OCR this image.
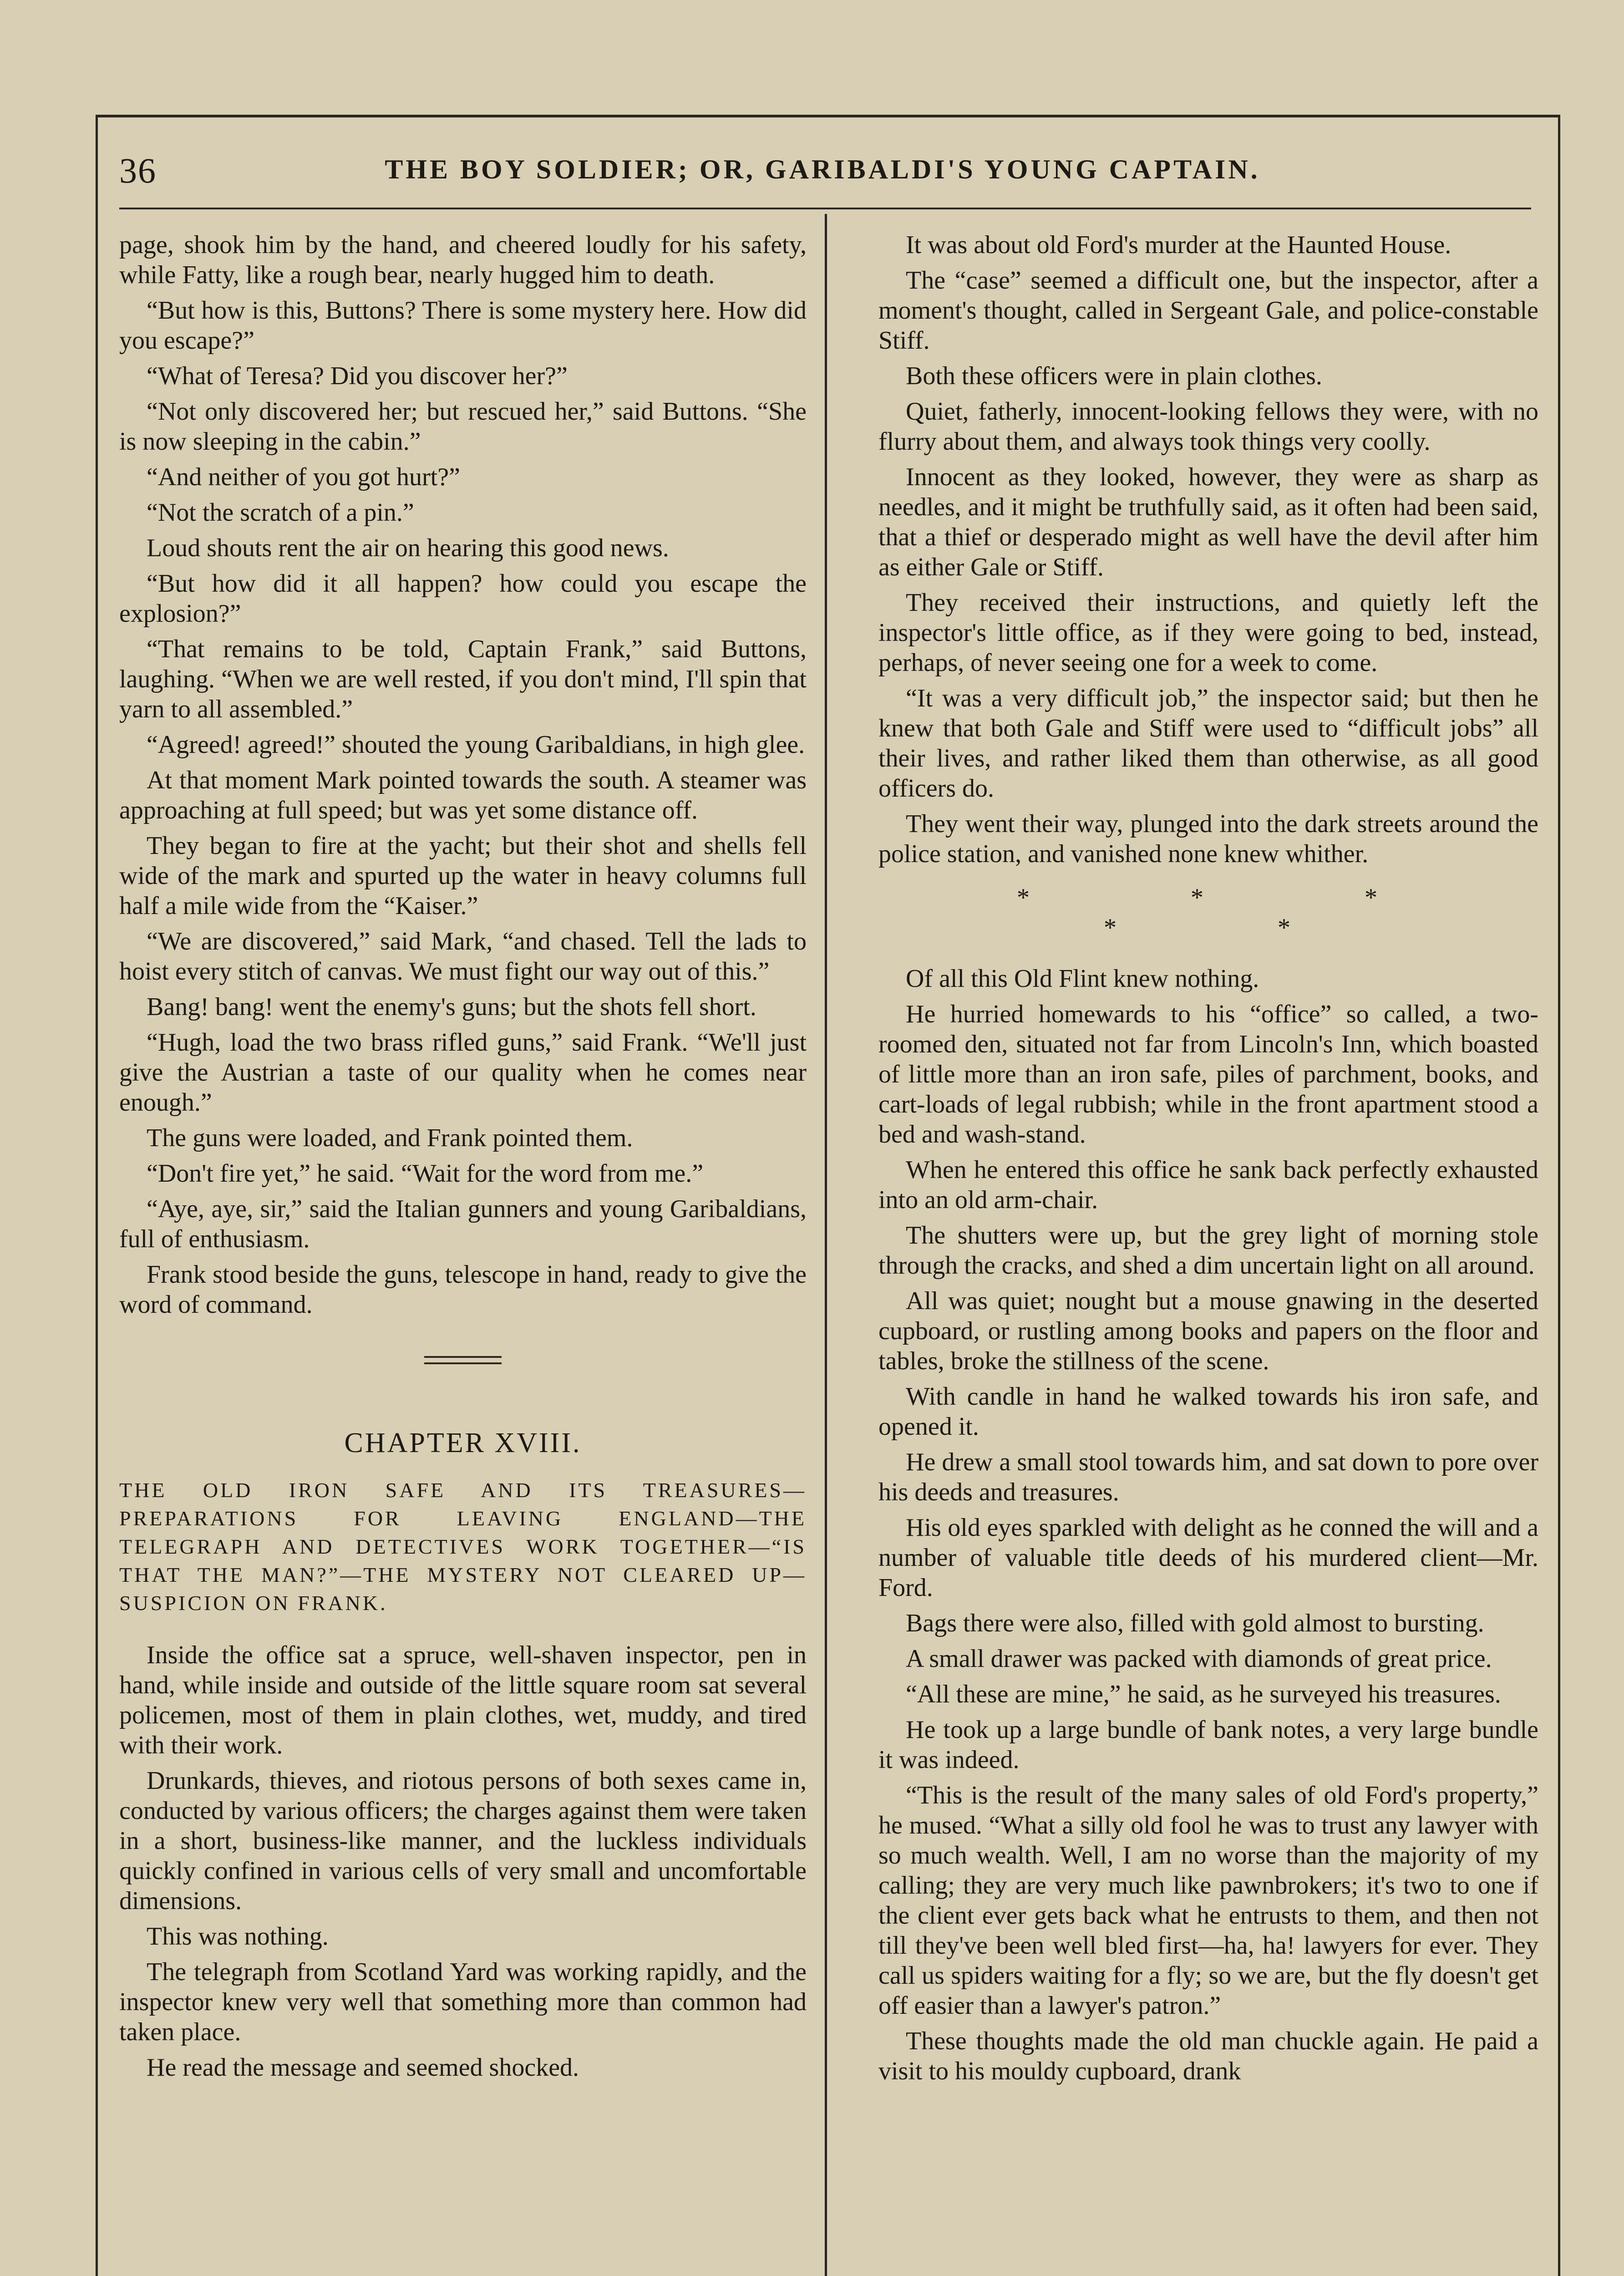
36	THE BOY SOLDIER; OR, GARIBALDI'S YOUNG CAPTAIN.

page, shook him by the hand, and cheered loudly for his safety, while Fatty, like a rough bear, nearly hugged him to death.

“But how is this, Buttons? There is some mystery here. How did you escape?”

“What of Teresa? Did you discover her?”

“Not only discovered her; but rescued her,” said Buttons. “She is now sleeping in the cabin.”

“And neither of you got hurt?”

“Not the scratch of a pin.”

Loud shouts rent the air on hearing this good news.

“But how did it all happen? how could you escape the explosion?”

“That remains to be told, Captain Frank,” said Buttons, laughing. “When we are well rested, if you don't mind, I'll spin that yarn to all assembled.”

“Agreed! agreed!” shouted the young Garibaldians, in high glee.

At that moment Mark pointed towards the south. A steamer was approaching at full speed; but was yet some distance off.

They began to fire at the yacht; but their shot and shells fell wide of the mark and spurted up the water in heavy columns full half a mile wide from the “Kaiser.”

“We are discovered,” said Mark, “and chased. Tell the lads to hoist every stitch of canvas. We must fight our way out of this.”

Bang! bang! went the enemy's guns; but the shots fell short.

“Hugh, load the two brass rifled guns,” said Frank. “We'll just give the Austrian a taste of our quality when he comes near enough.”

The guns were loaded, and Frank pointed them.

“Don't fire yet,” he said. “Wait for the word from me.”

“Aye, aye, sir,” said the Italian gunners and young Garibaldians, full of enthusiasm.

Frank stood beside the guns, telescope in hand, ready to give the word of command.

CHAPTER XVIII.
THE OLD IRON SAFE AND ITS TREASURES—PREPARATIONS FOR LEAVING ENGLAND—THE TELEGRAPH AND DETECTIVES WORK TOGETHER—“IS THAT THE MAN?”—THE MYSTERY NOT CLEARED UP—SUSPICION ON FRANK.

Inside the office sat a spruce, well-shaven inspector, pen in hand, while inside and outside of the little square room sat several policemen, most of them in plain clothes, wet, muddy, and tired with their work.

Drunkards, thieves, and riotous persons of both sexes came in, conducted by various officers; the charges against them were taken in a short, business-like manner, and the luckless individuals quickly confined in various cells of very small and uncomfortable dimensions.

This was nothing.

The telegraph from Scotland Yard was working rapidly, and the inspector knew very well that something more than common had taken place.

He read the message and seemed shocked.

It was about old Ford's murder at the Haunted House.

The “case” seemed a difficult one, but the inspector, after a moment's thought, called in Sergeant Gale, and police-constable Stiff.

Both these officers were in plain clothes.

Quiet, fatherly, innocent-looking fellows they were, with no flurry about them, and always took things very coolly.

Innocent as they looked, however, they were as sharp as needles, and it might be truthfully said, as it often had been said, that a thief or desperado might as well have the devil after him as either Gale or Stiff.

They received their instructions, and quietly left the inspector's little office, as if they were going to bed, instead, perhaps, of never seeing one for a week to come.

“It was a very difficult job,” the inspector said; but then he knew that both Gale and Stiff were used to “difficult jobs” all their lives, and rather liked them than otherwise, as all good officers do.

They went their way, plunged into the dark streets around the police station, and vanished none knew whither.

* * * * *

Of all this Old Flint knew nothing.

He hurried homewards to his “office” so called, a two-roomed den, situated not far from Lincoln's Inn, which boasted of little more than an iron safe, piles of parchment, books, and cart-loads of legal rubbish; while in the front apartment stood a bed and wash-stand.

When he entered this office he sank back perfectly exhausted into an old arm-chair.

The shutters were up, but the grey light of morning stole through the cracks, and shed a dim uncertain light on all around.

All was quiet; nought but a mouse gnawing in the deserted cupboard, or rustling among books and papers on the floor and tables, broke the stillness of the scene.

With candle in hand he walked towards his iron safe, and opened it.

He drew a small stool towards him, and sat down to pore over his deeds and treasures.

His old eyes sparkled with delight as he conned the will and a number of valuable title deeds of his murdered client—Mr. Ford.

Bags there were also, filled with gold almost to bursting.

A small drawer was packed with diamonds of great price.

“All these are mine,” he said, as he surveyed his treasures.

He took up a large bundle of bank notes, a very large bundle it was indeed.

“This is the result of the many sales of old Ford's property,” he mused. “What a silly old fool he was to trust any lawyer with so much wealth. Well, I am no worse than the majority of my calling; they are very much like pawnbrokers; it's two to one if the client ever gets back what he entrusts to them, and then not till they've been well bled first—ha, ha! lawyers for ever. They call us spiders waiting for a fly; so we are, but the fly doesn't get off easier than a lawyer's patron.”

These thoughts made the old man chuckle again. He paid a visit to his mouldy cupboard, drank
